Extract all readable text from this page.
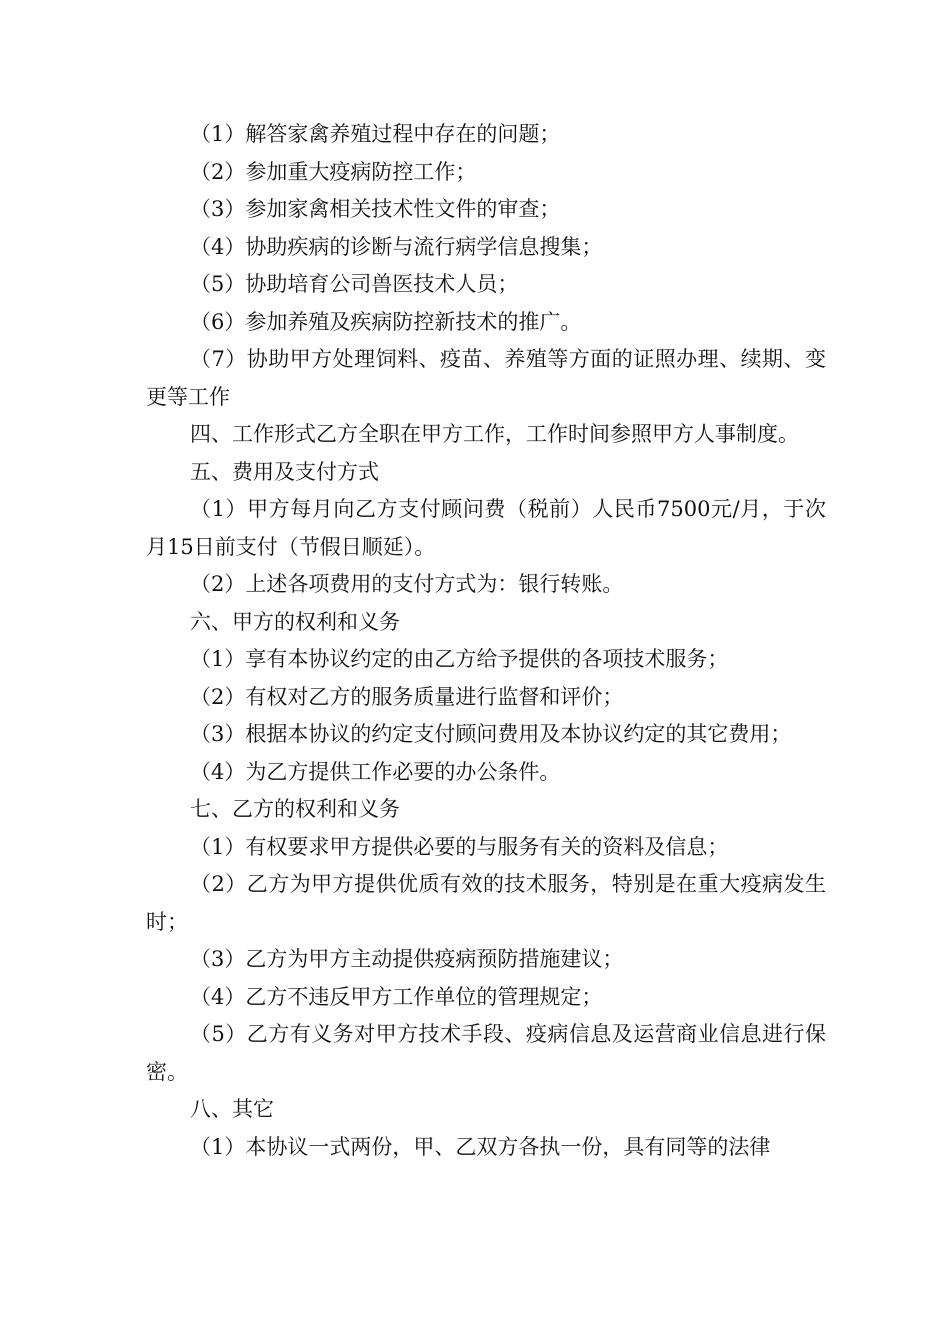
（1）解答家禽养殖过程中存在的问题；

（2）参加重大疫病防控工作；

（3）参加家禽相关技术性文件的审查；

（4）协助疾病的诊断与流行病学信息搜集；

（5）协助培育公司兽医技术人员；

（6）参加养殖及疾病防控新技术的推广。

（7）协助甲方处理饲料、疫苗、养殖等方面的证照办理、续期、变更等工作

四、工作形式乙方全职在甲方工作，工作时间参照甲方人事制度。

五、费用及支付方式

（1）甲方每月向乙方支付顾问费（税前）人民币7500元/月，于次月15日前支付（节假日顺延）。

（2）上述各项费用的支付方式为：银行转账。

六、甲方的权利和义务

（1）享有本协议约定的由乙方给予提供的各项技术服务；

（2）有权对乙方的服务质量进行监督和评价；

（3）根据本协议的约定支付顾问费用及本协议约定的其它费用；

（4）为乙方提供工作必要的办公条件。

七、乙方的权利和义务

（1）有权要求甲方提供必要的与服务有关的资料及信息；

（2）乙方为甲方提供优质有效的技术服务，特别是在重大疫病发生时；

（3）乙方为甲方主动提供疫病预防措施建议；

（4）乙方不违反甲方工作单位的管理规定；

（5）乙方有义务对甲方技术手段、疫病信息及运营商业信息进行保密。

八、其它

（1）本协议一式两份，甲、乙双方各执一份，具有同等的法律
